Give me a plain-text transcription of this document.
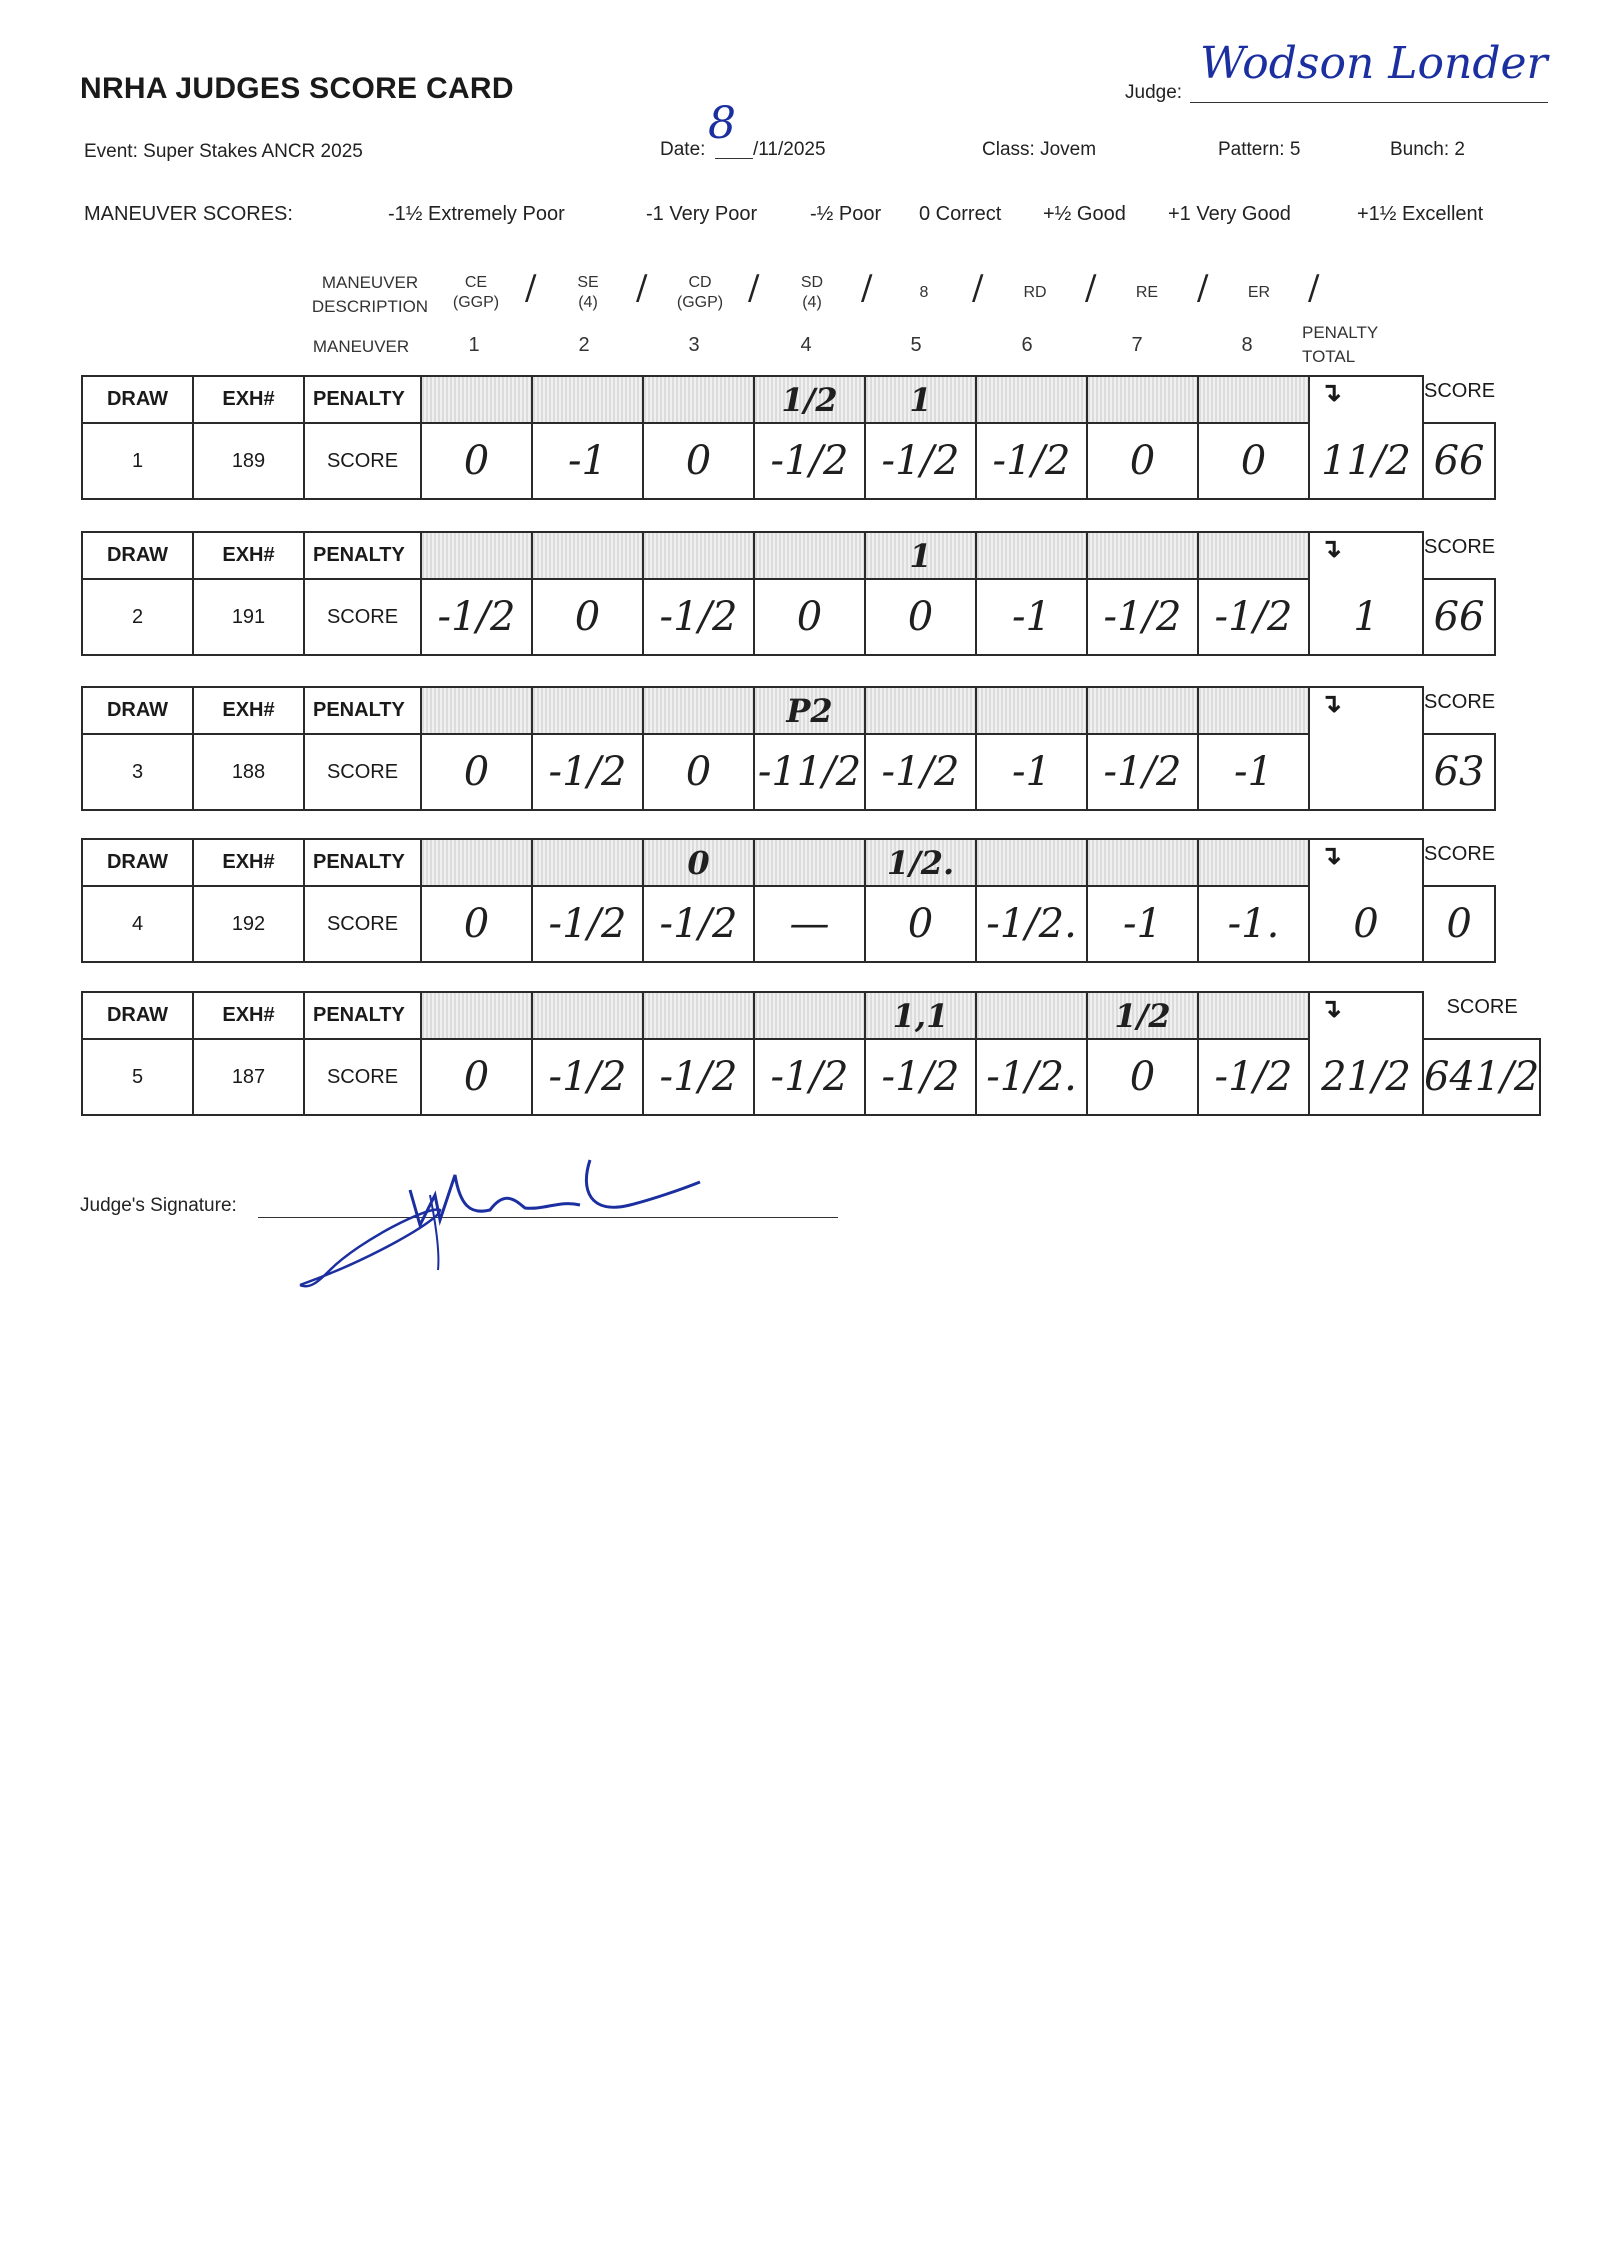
NRHA JUDGES SCORE CARD	Judge:
Wodson Londer
Event: Super Stakes ANCR 2025	Date:
8
/11/2025	Class: Jovem	Pattern: 5	Bunch: 2
MANEUVER SCORES:	-1½ Extremely Poor	-1 Very Poor	-½ Poor 0 Correct +½ Good +1 Very Good	+1½ Excellent
MANEUVER DESCRIPTION
CE
(GGP) /	SE
(4)	/	CD
(GGP) /	SD
(4)	/	8	/	RD	/	RE	/	ER	/
MANEUVER	1	2	3	4	5	6	7	8
PENALTY TOTAL
DRAW	EXH#	PENALTY				1/2	1				↴	SCORE
1	189	SCORE	0	-1	0	-1/2	-1/2	-1/2	0	0	11/2	66
DRAW	EXH#	PENALTY					1				↴	SCORE
2	191	SCORE	-1/2	0	-1/2	0	0	-1	-1/2	-1/2	1	66
DRAW	EXH#	PENALTY				P2					↴	SCORE
3	188	SCORE	0	-1/2	0	-11/2	-1/2	-1	-1/2	-1		63
DRAW	EXH#	PENALTY			0		1/2.				↴	SCORE
4	192	SCORE	0	-1/2	-1/2	—	0	-1/2.	-1	-1.	0	0
DRAW	EXH#	PENALTY					1,1		1/2		↴	SCORE
5	187	SCORE	0	-1/2	-1/2	-1/2	-1/2	-1/2.	0	-1/2	21/2	641/2
Judge's Signature:	Wlanchs
